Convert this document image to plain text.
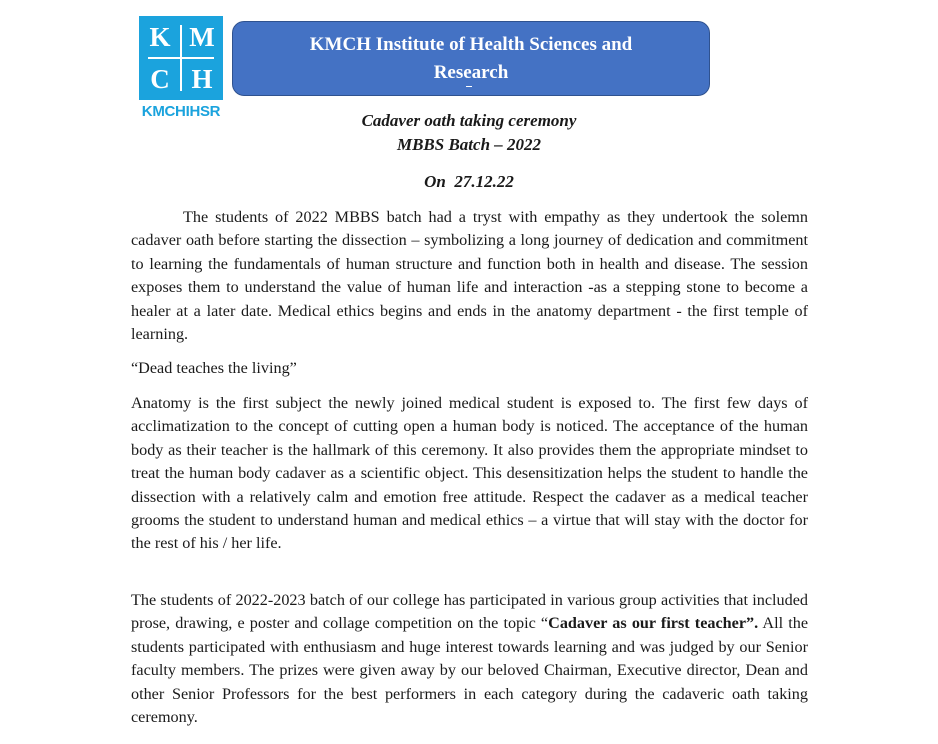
K M
C H
KMCHIHSR
KMCH Institute of Health Sciences and
Research
Cadaver oath taking ceremony
MBBS Batch – 2022
On  27.12.22

The students of 2022 MBBS batch had a tryst with empathy as they undertook the solemn cadaver oath before starting the dissection – symbolizing a long journey of dedication and commitment to learning the fundamentals of human structure and function both in health and disease. The session exposes them to understand the value of human life and interaction -as a stepping stone to become a healer at a later date. Medical ethics begins and ends in the anatomy department - the first temple of learning.

“Dead teaches the living”

Anatomy is the first subject the newly joined medical student is exposed to. The first few days of acclimatization to the concept of cutting open a human body is noticed. The acceptance of the human body as their teacher is the hallmark of this ceremony. It also provides them the appropriate mindset to treat the human body cadaver as a scientific object. This desensitization helps the student to handle the dissection with a relatively calm and emotion free attitude. Respect the cadaver as a medical teacher grooms the student to understand human and medical ethics – a virtue that will stay with the doctor for the rest of his / her life.

The students of 2022-2023 batch of our college has participated in various group activities that included prose, drawing, e poster and collage competition on the topic “Cadaver as our first teacher”. All the students participated with enthusiasm and huge interest towards learning and was judged by our Senior faculty members. The prizes were given away by our beloved Chairman, Executive director, Dean and other Senior Professors for the best performers in each category during the cadaveric oath taking ceremony.
